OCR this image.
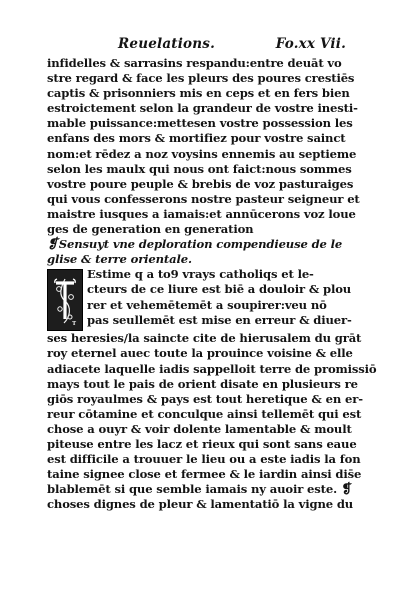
Reuelations.	Fo.xx Vii.
infidelles & sarrasins respandu:entre deuāt vo
stre regard & face les pleurs des poures crestiēs
captis & prisonniers mis en ceps et en fers bien
estroictement selon la grandeur de vostre inesti-
mable puissance:mettesen vostre possession les
enfans des mors & mortifiez pour vostre sainct
nom:et rēdez a noz voysins ennemis au septieme
selon les maulx qui nous ont faict:nous sommes
vostre poure peuple & brebis de voz pasturaiges
qui vous confesserons nostre pasteur seigneur et
maistre iusques a iamais:et annūcerons voz loue
ges de generation en generation
❡Sensuyt vne deploration compendieuse de le
glise & terre orientale.
T
Estime q a to9 vrays catholiqs et le-
cteurs de ce liure est biē a douloir & plou
rer et vehemētemēt a soupirer:veu nō
pas seullemēt est mise en erreur & diuer-
ses heresies/la saincte cite de hierusalem du grāt
roy eternel auec toute la prouince voisine & elle
adiacete laquelle iadis sappelloit terre de promissiō
mays tout le pais de orient disate en plusieurs re
giōs royaulmes & pays est tout heretique & en er-
reur cōtamine et conculque ainsi tellemēt qui est
chose a ouyr & voir dolente lamentable & moult
piteuse entre les lacz et rieux qui sont sans eaue
est difficile a trouuer le lieu ou a este iadis la fon
taine signee close et fermee & le iardin ainsi dis̄e
blablemēt si que semble iamais ny auoir este. ❡
choses dignes de pleur & lamentatiō la vigne du
